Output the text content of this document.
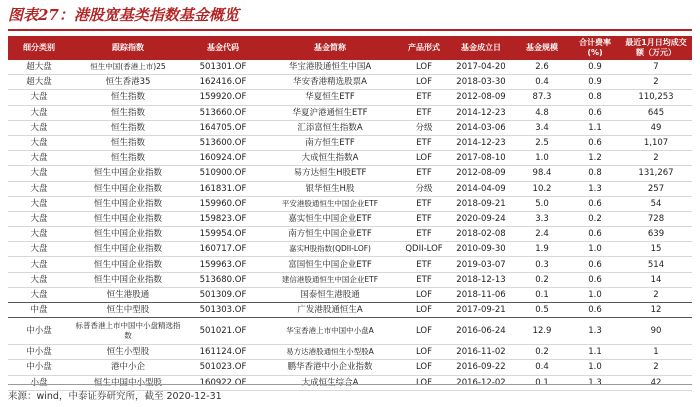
图表27：港股宽基类指数基金概览
细分类别	跟踪指数	基金代码	基金简称	产品形式	基金成立日	基金规模	合计费率(%)	最近1月日均成交额（万元）
超大盘	恒生中国(香港上市)25	501301.OF	华宝港股通恒生中国A	LOF	2017-04-20	2.6	0.9	7
超大盘	恒生香港35	162416.OF	华安香港精选股票A	LOF	2018-03-30	0.4	0.9	2
大盘	恒生指数	159920.OF	华夏恒生ETF	ETF	2012-08-09	87.3	0.8	110,253
大盘	恒生指数	513660.OF	华夏沪港通恒生ETF	ETF	2014-12-23	4.8	0.6	645
大盘	恒生指数	164705.OF	汇添富恒生指数A	分级	2014-03-06	3.4	1.1	49
大盘	恒生指数	513600.OF	南方恒生ETF	ETF	2014-12-23	2.5	0.6	1,107
大盘	恒生指数	160924.OF	大成恒生指数A	LOF	2017-08-10	1.0	1.2	2
大盘	恒生中国企业指数	510900.OF	易方达恒生H股ETF	ETF	2012-08-09	98.4	0.8	131,267
大盘	恒生中国企业指数	161831.OF	银华恒生H股	分级	2014-04-09	10.2	1.3	257
大盘	恒生中国企业指数	159960.OF	平安港股通恒生中国企业ETF	ETF	2018-09-21	5.0	0.6	54
大盘	恒生中国企业指数	159823.OF	嘉实恒生中国企业ETF	ETF	2020-09-24	3.3	0.2	728
大盘	恒生中国企业指数	159954.OF	南方恒生中国企业ETF	ETF	2018-02-08	2.4	0.6	639
大盘	恒生中国企业指数	160717.OF	嘉实H股指数(QDII-LOF)	QDII-LOF	2010-09-30	1.9	1.0	15
大盘	恒生中国企业指数	159963.OF	富国恒生中国企业ETF	ETF	2019-03-07	0.3	0.6	514
大盘	恒生中国企业指数	513680.OF	建信港股通恒生中国企业ETF	ETF	2018-12-13	0.2	0.6	14
大盘	恒生港股通	501309.OF	国泰恒生港股通	LOF	2018-11-06	0.1	1.0	2
中盘	恒生中型股	501303.OF	广发港股通恒生A	LOF	2017-09-21	0.5	0.6	12
中小盘	标普香港上市中国中小盘精选指数	501021.OF	华宝香港上市中国中小盘A	LOF	2016-06-24	12.9	1.3	90
中小盘	恒生小型股	161124.OF	易方达港股通恒生小型股A	LOF	2016-11-02	0.2	1.1	1
中小盘	港中小企	501023.OF	鹏华香港中小企业指数	LOF	2016-09-22	0.4	1.0	2
小盘	恒生中国中小型股	160922.OF	大成恒生综合A	LOF	2016-12-02	0.1	1.3	42
来源：wind，中泰证券研究所，截至 2020-12-31
